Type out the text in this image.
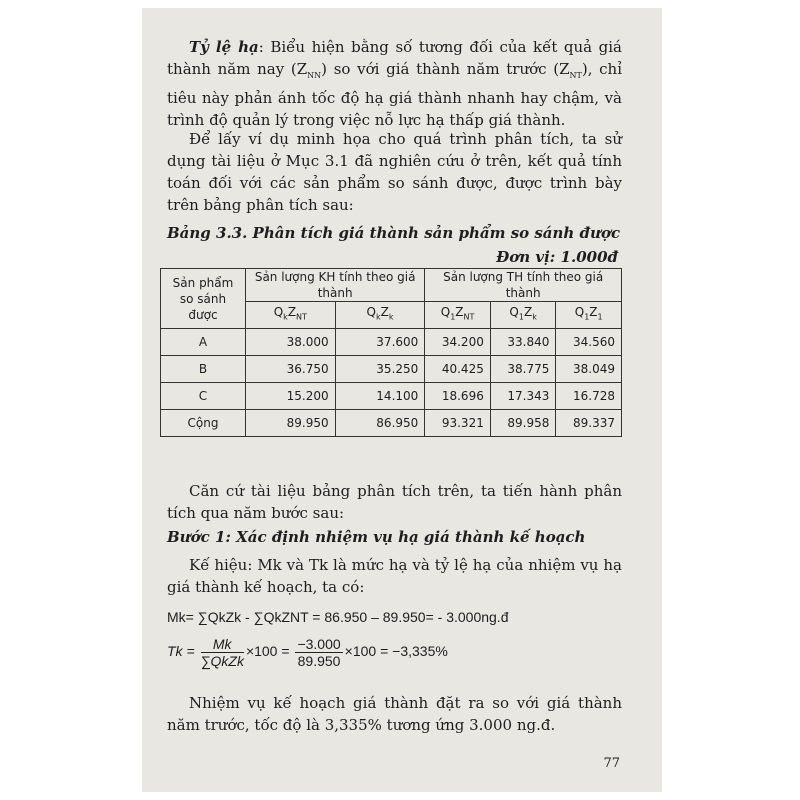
Tỷ lệ hạ: Biểu hiện bằng số tương đối của kết quả giá thành năm nay $(Z_{NN})$ so với giá thành năm trước $(Z_{NT})$, chỉ tiêu này phản ánh tốc độ hạ giá thành nhanh hay chậm, và trình độ quản lý trong việc nỗ lực hạ thấp giá thành.
Để lấy ví dụ minh họa cho quá trình phân tích, ta sử dụng tài liệu ở Mục 3.1 đã nghiên cứu ở trên, kết quả tính toán đối với các sản phẩm so sánh được, được trình bày trên bảng phân tích sau:
Bảng 3.3. Phân tích giá thành sản phẩm so sánh được
Đơn vị: 1.000đ
Sản phẩm so sánh được	Sản lượng KH tính theo giá thành		Sản lượng TH tính theo giá thành		
	$Q_kZ_{NT}$	$Q_kZ_k$	$Q_1Z_{NT}$	$Q_1Z_k$	$Q_1Z_1$
A	38.000	37.600	34.200	33.840	34.560
B	36.750	35.250	40.425	38.775	38.049
C	15.200	14.100	18.696	17.343	16.728
Cộng	89.950	86.950	93.321	89.958	89.337
Căn cứ tài liệu bảng phân tích trên, ta tiến hành phân tích qua năm bước sau:
Bước 1: Xác định nhiệm vụ hạ giá thành kế hoạch
Kế hiệu: Mk và Tk là mức hạ và tỷ lệ hạ của nhiệm vụ hạ giá thành kế hoạch, ta có:
Mk= ∑QkZk - ∑QkZNT = 86.950 – 89.950= - 3.000ng.đ
$Tk = \frac{Mk}{\text{∑QkZk}} \times 100 = \frac{-3.000}{89.950} \times 100 = -3,335\%$
Nhiệm vụ kế hoạch giá thành đặt ra so với giá thành năm trước, tốc độ là 3,335% tương ứng 3.000 ng.đ.
77
